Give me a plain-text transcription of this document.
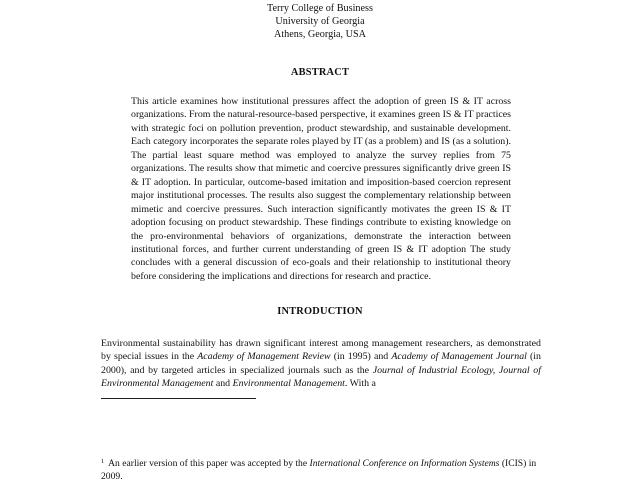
Terry College of Business
University of Georgia
Athens, Georgia, USA
ABSTRACT
This article examines how institutional pressures affect the adoption of green IS & IT across organizations. From the natural-resource-based perspective, it examines green IS & IT practices with strategic foci on pollution prevention, product stewardship, and sustainable development. Each category incorporates the separate roles played by IT (as a problem) and IS (as a solution). The partial least square method was employed to analyze the survey replies from 75 organizations. The results show that mimetic and coercive pressures significantly drive green IS & IT adoption. In particular, outcome-based imitation and imposition-based coercion represent major institutional processes. The results also suggest the complementary relationship between mimetic and coercive pressures. Such interaction significantly motivates the green IS & IT adoption focusing on product stewardship. These findings contribute to existing knowledge on the pro-environmental behaviors of organizations, demonstrate the interaction between institutional forces, and further current understanding of green IS & IT adoption The study concludes with a general discussion of eco-goals and their relationship to institutional theory before considering the implications and directions for research and practice.
INTRODUCTION
Environmental sustainability has drawn significant interest among management researchers, as demonstrated by special issues in the Academy of Management Review (in 1995) and Academy of Management Journal (in 2000), and by targeted articles in specialized journals such as the Journal of Industrial Ecology, Journal of Environmental Management and Environmental Management. With a
$^1$ An earlier version of this paper was accepted by the International Conference on Information Systems (ICIS) in 2009.
